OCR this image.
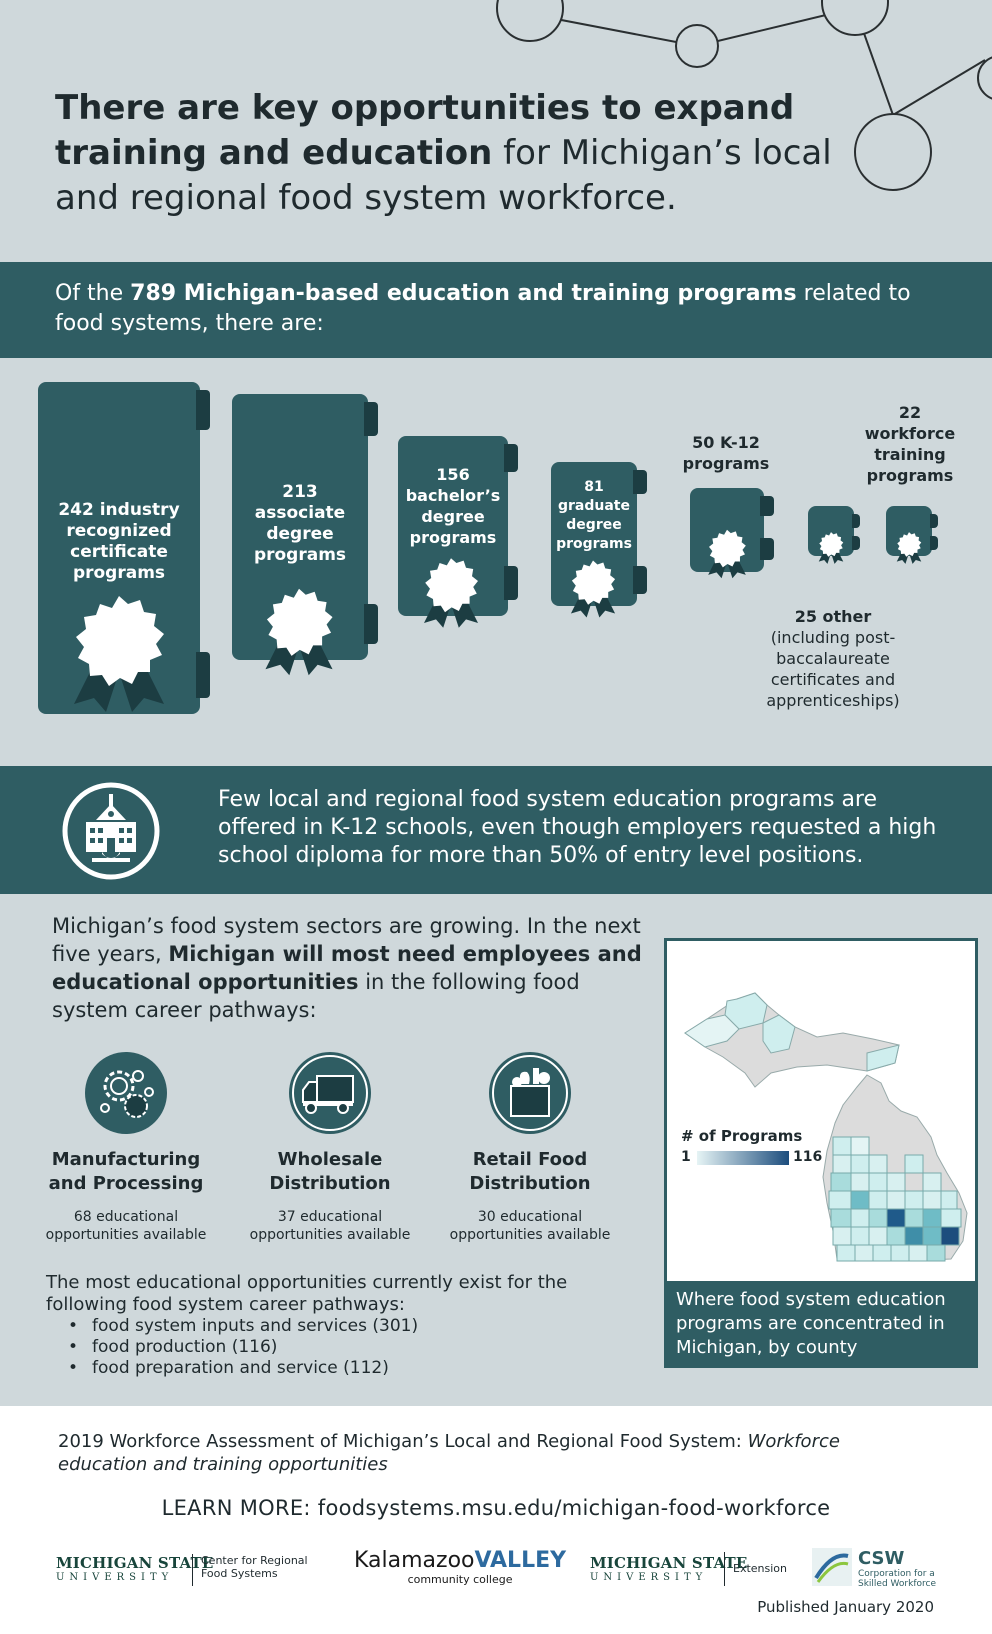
There are key opportunities to expand training and education for Michigan’s local and regional food system workforce.
Of the 789 Michigan-based education and training programs related to food systems, there are:
242 industry recognized certificate programs
213 associate degree programs
156 bachelor’s degree programs
81 graduate degree programs
50 K-12 programs
25 other
(including post-baccalaureate certificates and apprenticeships)
22 workforce training programs
Few local and regional food system education programs are offered in K-12 schools, even though employers requested a high school diploma for more than 50% of entry level positions.
Michigan’s food system sectors are growing. In the next five years, Michigan will most need employees and educational opportunities in the following food system career pathways:
Manufacturing and Processing
68 educational opportunities available
Wholesale Distribution
37 educational opportunities available
Retail Food Distribution
30 educational opportunities available
The most educational opportunities currently exist for the following food system career pathways:
• food system inputs and services (301)
• food production (116)
• food preparation and service (112)
# of Programs
1	116
Where food system education programs are concentrated in Michigan, by county
2019 Workforce Assessment of Michigan’s Local and Regional Food System: Workforce education and training opportunities
LEARN MORE: foodsystems.msu.edu/michigan-food-workforce
MICHIGAN STATE
UNIVERSITY
Center for Regional Food Systems
KalamazooVALLEY
community college
MICHIGAN STATE
UNIVERSITY
Extension	CSW
Corporation for a Skilled Workforce
Published January 2020
